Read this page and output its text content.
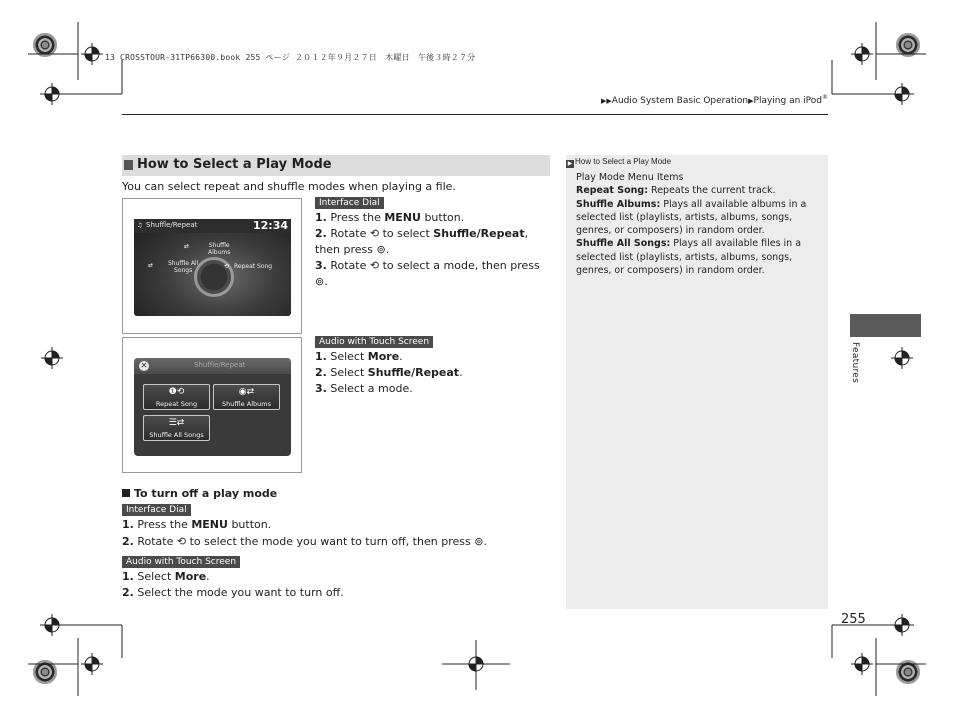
13 CROSSTOUR-31TP66300.book 255 ページ ２０１２年９月２７日　木曜日　午後３時２７分
▶▶Audio System Basic Operation▶Playing an iPod®
How to Select a Play Mode
You can select repeat and shuffle modes when playing a file.
♫ Shuffle/Repeat	12:34
⇄	Shuffle
Albums
⇄ Shuffle All
Songs
⟲ Repeat Song
Interface Dial
1. Press the MENU button.
2. Rotate ⟲ to select Shuffle/Repeat, then press ⊚.
3. Rotate ⟲ to select a mode, then press ⊚.
✕	Shuffle/Repeat
❶⟲
Repeat Song
◉⇄
Shuffle Albums
☰⇄
Shuffle All Songs
Audio with Touch Screen
1. Select More.
2. Select Shuffle/Repeat.
3. Select a mode.
To turn off a play mode
Interface Dial
1. Press the MENU button.
2. Rotate ⟲ to select the mode you want to turn off, then press ⊚.
Audio with Touch Screen
1. Select More.
2. Select the mode you want to turn off.
▶ How to Select a Play Mode
Play Mode Menu Items
Repeat Song: Repeats the current track.
Shuffle Albums: Plays all available albums in a selected list (playlists, artists, albums, songs, genres, or composers) in random order.
Shuffle All Songs: Plays all available files in a selected list (playlists, artists, albums, songs, genres, or composers) in random order.
Features
255
